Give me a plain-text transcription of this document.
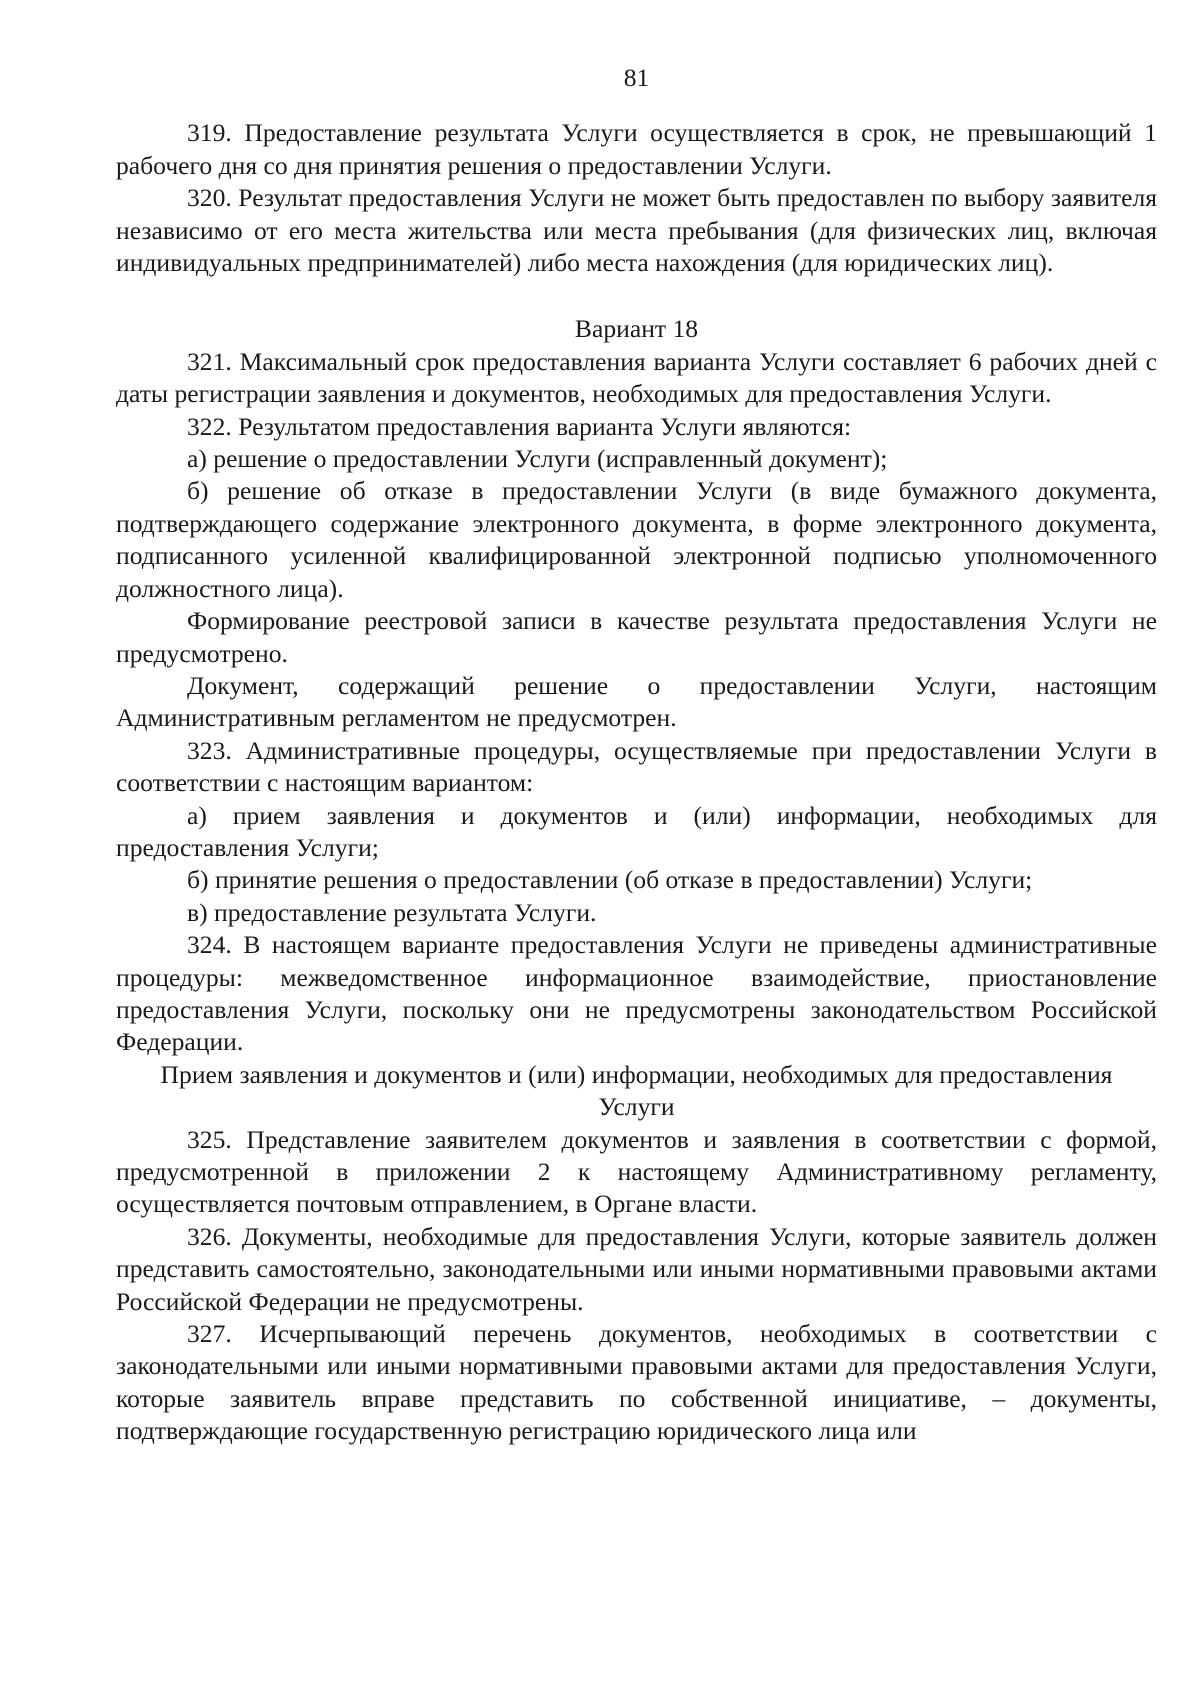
81

319. Предоставление результата Услуги осуществляется в срок, не превышающий 1 рабочего дня со дня принятия решения о предоставлении Услуги.

320. Результат предоставления Услуги не может быть предоставлен по выбору заявителя независимо от его места жительства или места пребывания (для физических лиц, включая индивидуальных предпринимателей) либо места нахождения (для юридических лиц).

Вариант 18

321. Максимальный срок предоставления варианта Услуги составляет 6 рабочих дней с даты регистрации заявления и документов, необходимых для предоставления Услуги.

322. Результатом предоставления варианта Услуги являются:

а) решение о предоставлении Услуги (исправленный документ);

б) решение об отказе в предоставлении Услуги (в виде бумажного документа, подтверждающего содержание электронного документа, в форме электронного документа, подписанного усиленной квалифицированной электронной подписью уполномоченного должностного лица).

Формирование реестровой записи в качестве результата предоставления Услуги не предусмотрено.

Документ, содержащий решение о предоставлении Услуги, настоящим Административным регламентом не предусмотрен.

323. Административные процедуры, осуществляемые при предоставлении Услуги в соответствии с настоящим вариантом:

а) прием заявления и документов и (или) информации, необходимых для предоставления Услуги;

б) принятие решения о предоставлении (об отказе в предоставлении) Услуги;

в) предоставление результата Услуги.

324. В настоящем варианте предоставления Услуги не приведены административные процедуры: межведомственное информационное взаимодействие, приостановление предоставления Услуги, поскольку они не предусмотрены законодательством Российской Федерации.

Прием заявления и документов и (или) информации, необходимых для предоставления Услуги

325. Представление заявителем документов и заявления в соответствии с формой, предусмотренной в приложении 2 к настоящему Административному регламенту, осуществляется почтовым отправлением, в Органе власти.

326. Документы, необходимые для предоставления Услуги, которые заявитель должен представить самостоятельно, законодательными или иными нормативными правовыми актами Российской Федерации не предусмотрены.

327. Исчерпывающий перечень документов, необходимых в соответствии с законодательными или иными нормативными правовыми актами для предоставления Услуги, которые заявитель вправе представить по собственной инициативе, – документы, подтверждающие государственную регистрацию юридического лица или
